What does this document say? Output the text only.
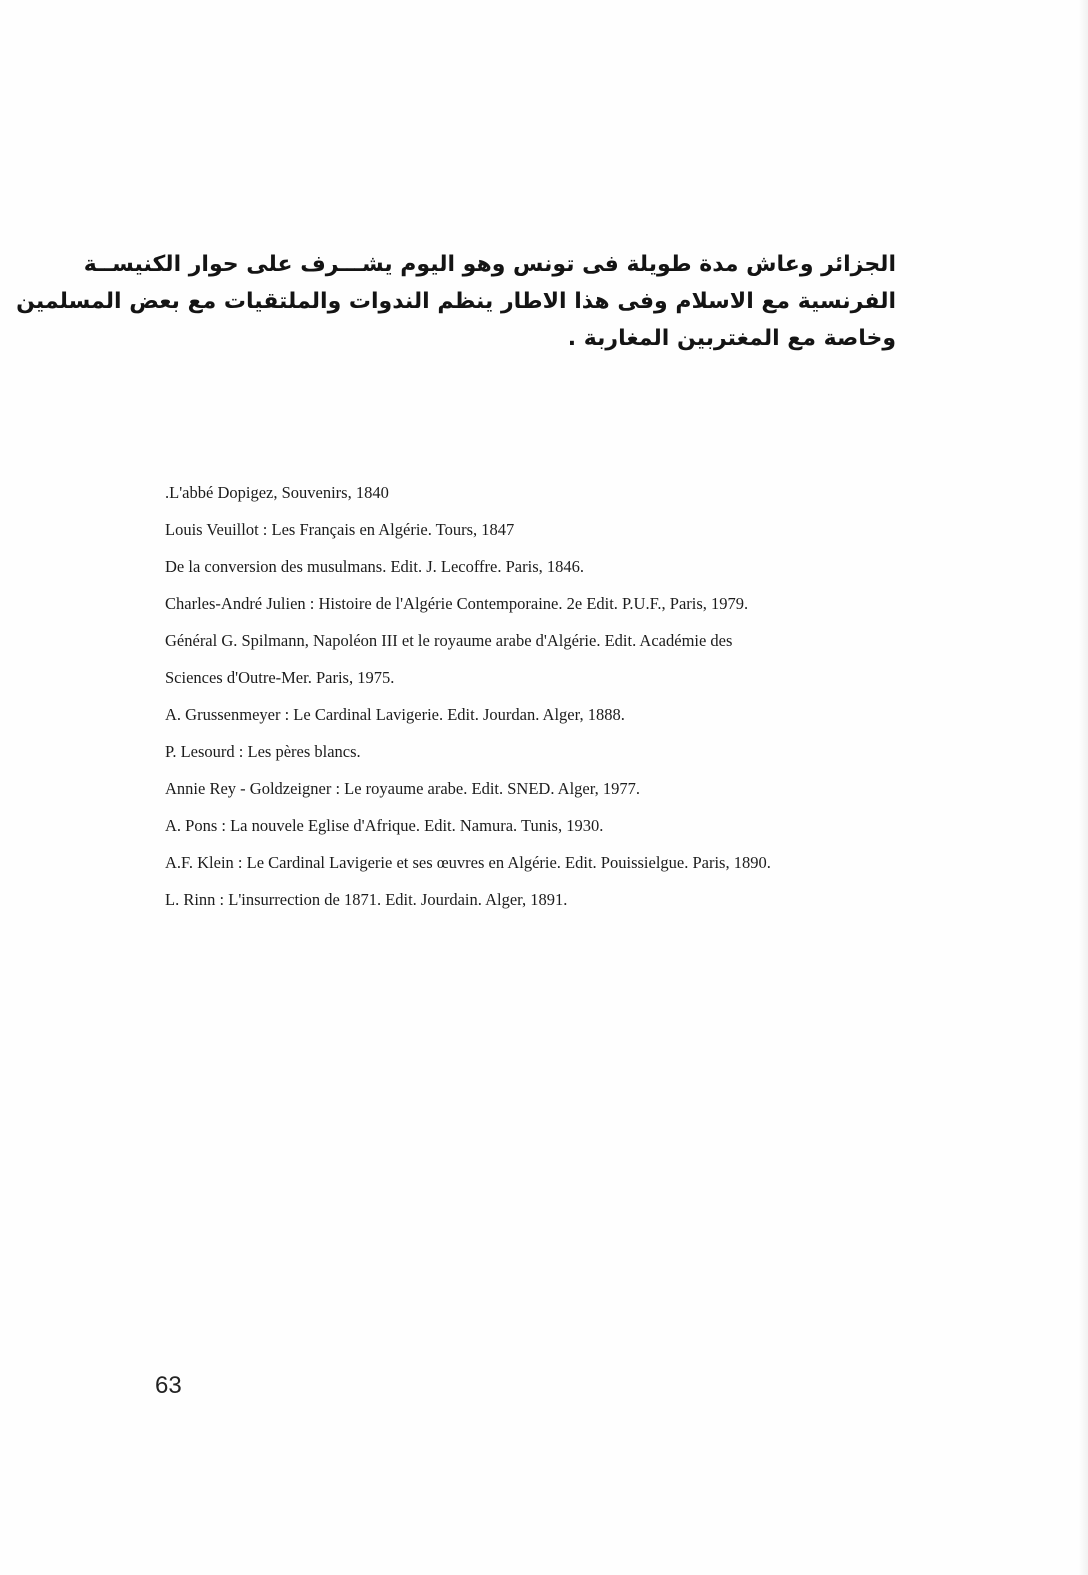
الجزائر وعاش مدة طويلة فى تونس وهو اليوم يشـــرف على حوار الكنيســة
الفرنسية مع الاسلام وفى هذا الاطار ينظم الندوات والملتقيات مع بعض المسلمين
وخاصة مع المغتربين المغاربة .
.L'abbé Dopigez, Souvenirs, 1840
Louis Veuillot : Les Français en Algérie. Tours, 1847
De la conversion des musulmans. Edit. J. Lecoffre. Paris, 1846.
Charles-André Julien : Histoire de l'Algérie Contemporaine. 2e Edit. P.U.F., Paris, 1979.
Général G. Spilmann, Napoléon III et le royaume arabe d'Algérie. Edit. Académie des
Sciences d'Outre-Mer. Paris, 1975.
A. Grussenmeyer : Le Cardinal Lavigerie. Edit. Jourdan. Alger, 1888.
P. Lesourd : Les pères blancs.
Annie Rey - Goldzeigner : Le royaume arabe. Edit. SNED. Alger, 1977.
A. Pons : La nouvele Eglise d'Afrique. Edit. Namura. Tunis, 1930.
A.F. Klein : Le Cardinal Lavigerie et ses œuvres en Algérie. Edit. Pouissielgue. Paris, 1890.
L. Rinn : L'insurrection de 1871. Edit. Jourdain. Alger, 1891.
63
